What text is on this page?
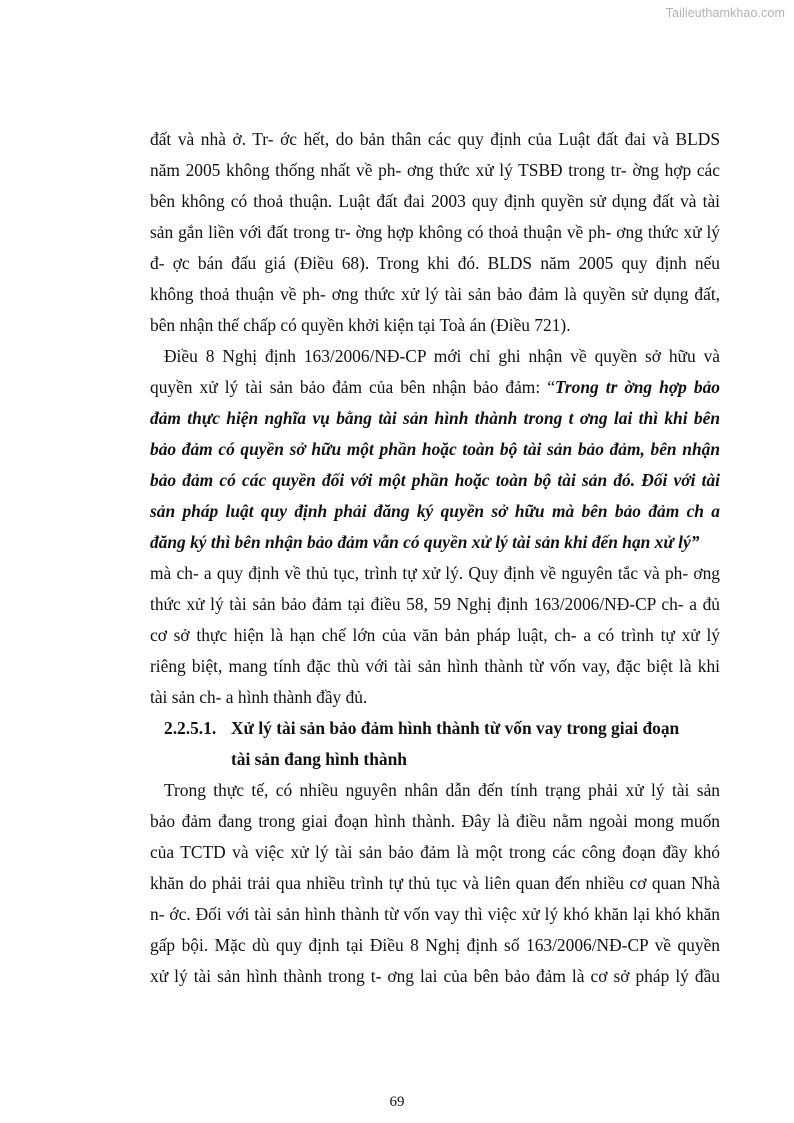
Tailieuthamkhao.com
đất và nhà ở. Tr- ớc hết, do bản thân các quy định của Luật đất đai và BLDS
năm 2005 không thống nhất về ph- ơng thức xử lý TSBĐ trong tr- ờng hợp các
bên không có thoả thuận. Luật đất đai 2003 quy định quyền sử dụng đất và tài
sản gắn liền với đất trong tr- ờng hợp không có thoả thuận về ph- ơng thức xử lý
đ- ợc bán đấu giá (Điều 68). Trong khi đó. BLDS năm 2005 quy định nếu
không thoả thuận về ph- ơng thức xử lý tài sản bảo đảm là quyền sử dụng đất,
bên nhận thế chấp có quyền khởi kiện tại Toà án (Điều 721).
Điều 8 Nghị định 163/2006/NĐ-CP mới chỉ ghi nhận về quyền sở hữu và
quyền xử lý tài sản bảo đảm của bên nhận bảo đảm: “Trong tr ờng hợp bảo
đảm thực hiện nghĩa vụ bằng tài sản hình thành trong t ơng lai thì khi bên
bảo đảm có quyền sở hữu một phần hoặc toàn bộ tài sản bảo đảm, bên nhận
bảo đảm có các quyền đối với một phần hoặc toàn bộ tài sản đó. Đối với tài
sản pháp luật quy định phải đăng ký quyền sở hữu mà bên bảo đảm ch a
đăng ký thì bên nhận bảo đảm vẫn có quyền xử lý tài sản khi đến hạn xử lý”
mà ch- a quy định về thủ tục, trình tự xử lý. Quy định về nguyên tắc và ph- ơng
thức xử lý tài sản bảo đảm tại điều 58, 59 Nghị định 163/2006/NĐ-CP ch- a đủ
cơ sở thực hiện là hạn chế lớn của văn bản pháp luật, ch- a có trình tự xử lý
riêng biệt, mang tính đặc thù với tài sản hình thành từ vốn vay, đặc biệt là khi
tài sản ch- a hình thành đầy đủ.
2.2.5.1. Xử lý tài sản bảo đảm hình thành từ vốn vay trong giai đoạn
tài sản đang hình thành
Trong thực tế, có nhiều nguyên nhân dẫn đến tính trạng phải xử lý tài sản
bảo đảm đang trong giai đoạn hình thành. Đây là điều nằm ngoài mong muốn
của TCTD và việc xử lý tài sản bảo đảm là một trong các công đoạn đầy khó
khăn do phải trải qua nhiều trình tự thủ tục và liên quan đến nhiều cơ quan Nhà
n- ớc. Đối với tài sản hình thành từ vốn vay thì việc xử lý khó khăn lại khó khăn
gấp bội. Mặc dù quy định tại Điều 8 Nghị định số 163/2006/NĐ-CP về quyền
xử lý tài sản hình thành trong t- ơng lai của bên bảo đảm là cơ sở pháp lý đầu
69
